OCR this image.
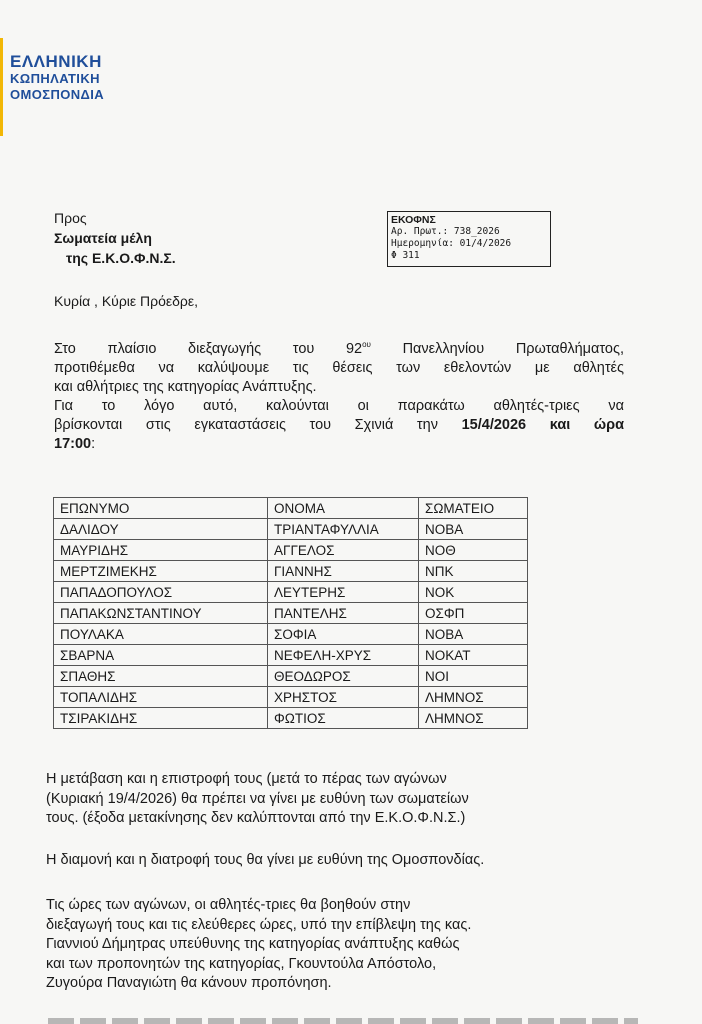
ΕΛΛΗΝΙΚΗ
ΚΩΠΗΛΑΤΙΚΗ
ΟΜΟΣΠΟΝΔΙΑ
Προς
Σωματεία μέλη
της Ε.Κ.Ο.Φ.Ν.Σ.
ΕΚΟΦΝΣ
Αρ. Πρωτ.: 738_2026
Ημερομηνία: 01/4/2026
Φ 311
Κυρία , Κύριε Πρόεδρε,
Στο πλαίσιο διεξαγωγής του $92^{o\upsilon}$ Πανελληνίου Πρωταθλήματος,
προτιθέμεθα να καλύψουμε τις θέσεις των εθελοντών με αθλητές
και αθλήτριες της κατηγορίας Ανάπτυξης.
Για το λόγο αυτό, καλούνται οι παρακάτω αθλητές-τριες να
βρίσκονται στις εγκαταστάσεις του Σχινιά την 15/4/2026 και ώρα
17:00:
ΕΠΩΝΥΜΟ	ΟΝΟΜΑ	ΣΩΜΑΤΕΙΟ
ΔΑΛΙΔΟΥ	ΤΡΙΑΝΤΑΦΥΛΛΙΑ	ΝΟΒΑ
ΜΑΥΡΙΔΗΣ	ΑΓΓΕΛΟΣ	ΝΟΘ
ΜΕΡΤΖΙΜΕΚΗΣ	ΓΙΑΝΝΗΣ	ΝΠΚ
ΠΑΠΑΔΟΠΟΥΛΟΣ	ΛΕΥΤΕΡΗΣ	ΝΟΚ
ΠΑΠΑΚΩΝΣΤΑΝΤΙΝΟΥ	ΠΑΝΤΕΛΗΣ	ΟΣΦΠ
ΠΟΥΛΑΚΑ	ΣΟΦΙΑ	ΝΟΒΑ
ΣΒΑΡΝΑ	ΝΕΦΕΛΗ-ΧΡΥΣ	ΝΟΚΑΤ
ΣΠΑΘΗΣ	ΘΕΟΔΩΡΟΣ	ΝΟΙ
ΤΟΠΑΛΙΔΗΣ	ΧΡΗΣΤΟΣ	ΛΗΜΝΟΣ
ΤΣΙΡΑΚΙΔΗΣ	ΦΩΤΙΟΣ	ΛΗΜΝΟΣ
Η μετάβαση και η επιστροφή τους (μετά το πέρας των αγώνων
(Κυριακή 19/4/2026) θα πρέπει να γίνει με ευθύνη των σωματείων
τους. (έξοδα μετακίνησης δεν καλύπτονται από την Ε.Κ.Ο.Φ.Ν.Σ.)
Η διαμονή και η διατροφή τους θα γίνει με ευθύνη της Ομοσπονδίας.
Τις ώρες των αγώνων, οι αθλητές-τριες θα βοηθούν στην
διεξαγωγή τους και τις ελεύθερες ώρες, υπό την επίβλεψη της κας.
Γιαννιού Δήμητρας υπεύθυνης της κατηγορίας ανάπτυξης καθώς
και των προπονητών της κατηγορίας, Γκουντούλα Απόστολο,
Ζυγούρα Παναγιώτη θα κάνουν προπόνηση.
